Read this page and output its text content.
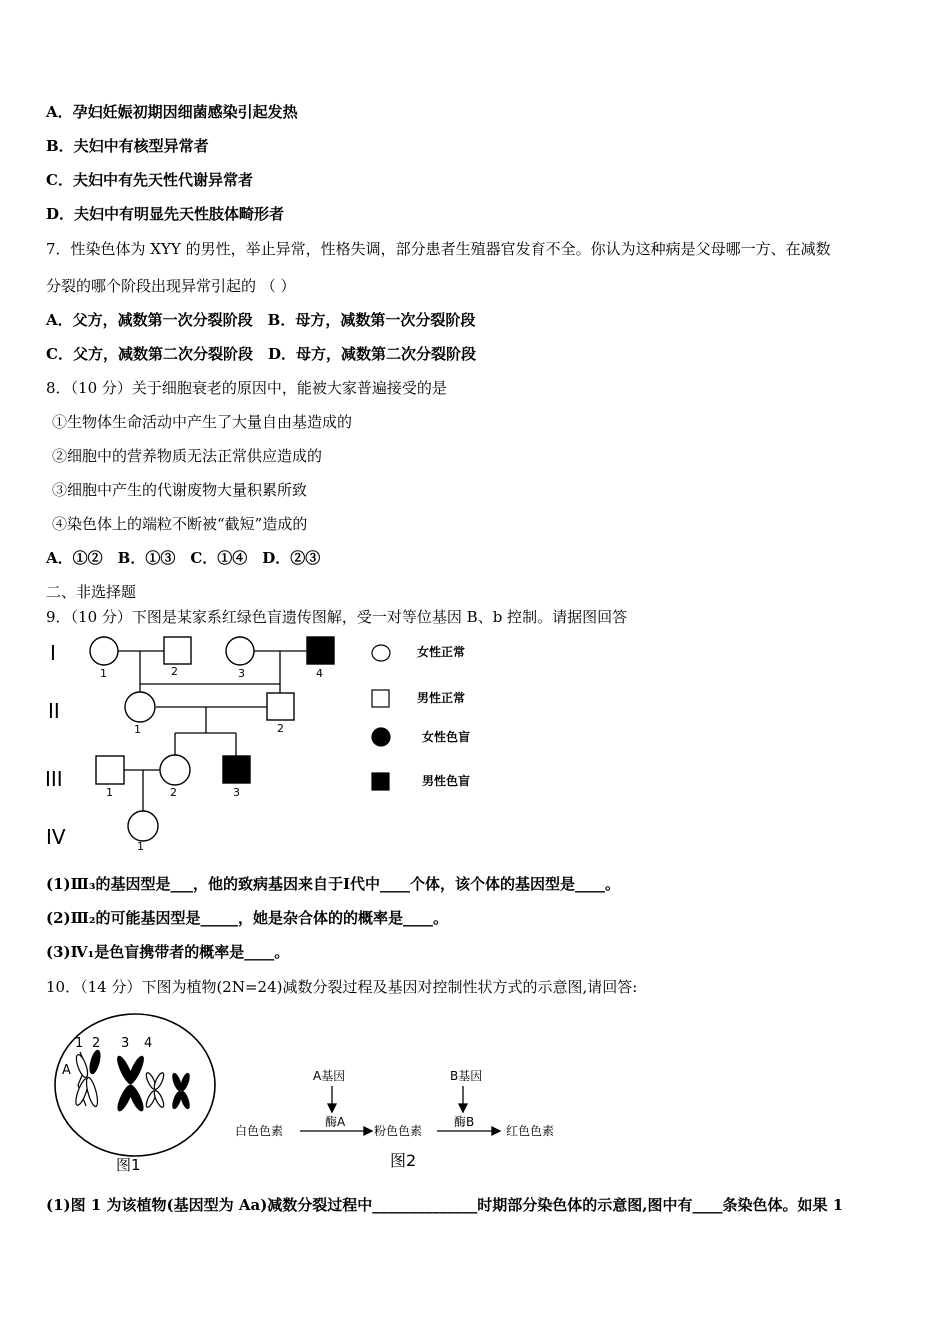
A．孕妇妊娠初期因细菌感染引起发热
B．夫妇中有核型异常者
C．夫妇中有先天性代谢异常者
D．夫妇中有明显先天性肢体畸形者
7．性染色体为 XYY 的男性，举止异常，性格失调，部分患者生殖器官发育不全。你认为这种病是父母哪一方、在减数
分裂的哪个阶段出现异常引起的 （ ）
A．父方，减数第一次分裂阶段　B．母方，减数第一次分裂阶段
C．父方，减数第二次分裂阶段　D．母方，减数第二次分裂阶段
8．（10 分）关于细胞衰老的原因中，能被大家普遍接受的是
①生物体生命活动中产生了大量自由基造成的
②细胞中的营养物质无法正常供应造成的
③细胞中产生的代谢废物大量积累所致
④染色体上的端粒不断被“截短”造成的
A．①②　B．①③　C．①④　D．②③
二、非选择题
9．（10 分）下图是某家系红绿色盲遗传图解，受一对等位基因 B、b 控制。请据图回答
I
II
III
IV
1	2	3	4
1	2
1	2	3
1
女性正常
男性正常
女性色盲
男性色盲
(1)Ⅲ₃的基因型是___，他的致病基因来自于Ⅰ代中____个体，该个体的基因型是____。
(2)Ⅲ₂的可能基因型是_____，她是杂合体的的概率是____。
(3)Ⅳ₁是色盲携带者的概率是____。
10．（14 分）下图为植物(2N=24)减数分裂过程及基因对控制性状方式的示意图,请回答:
1 2 3 4
A
图1
A基因	B基因
酶A	酶B
白色色素	粉色色素	红色色素
图2
(1)图 1 为该植物(基因型为 Aa)减数分裂过程中______________时期部分染色体的示意图,图中有____条染色体。如果 1
